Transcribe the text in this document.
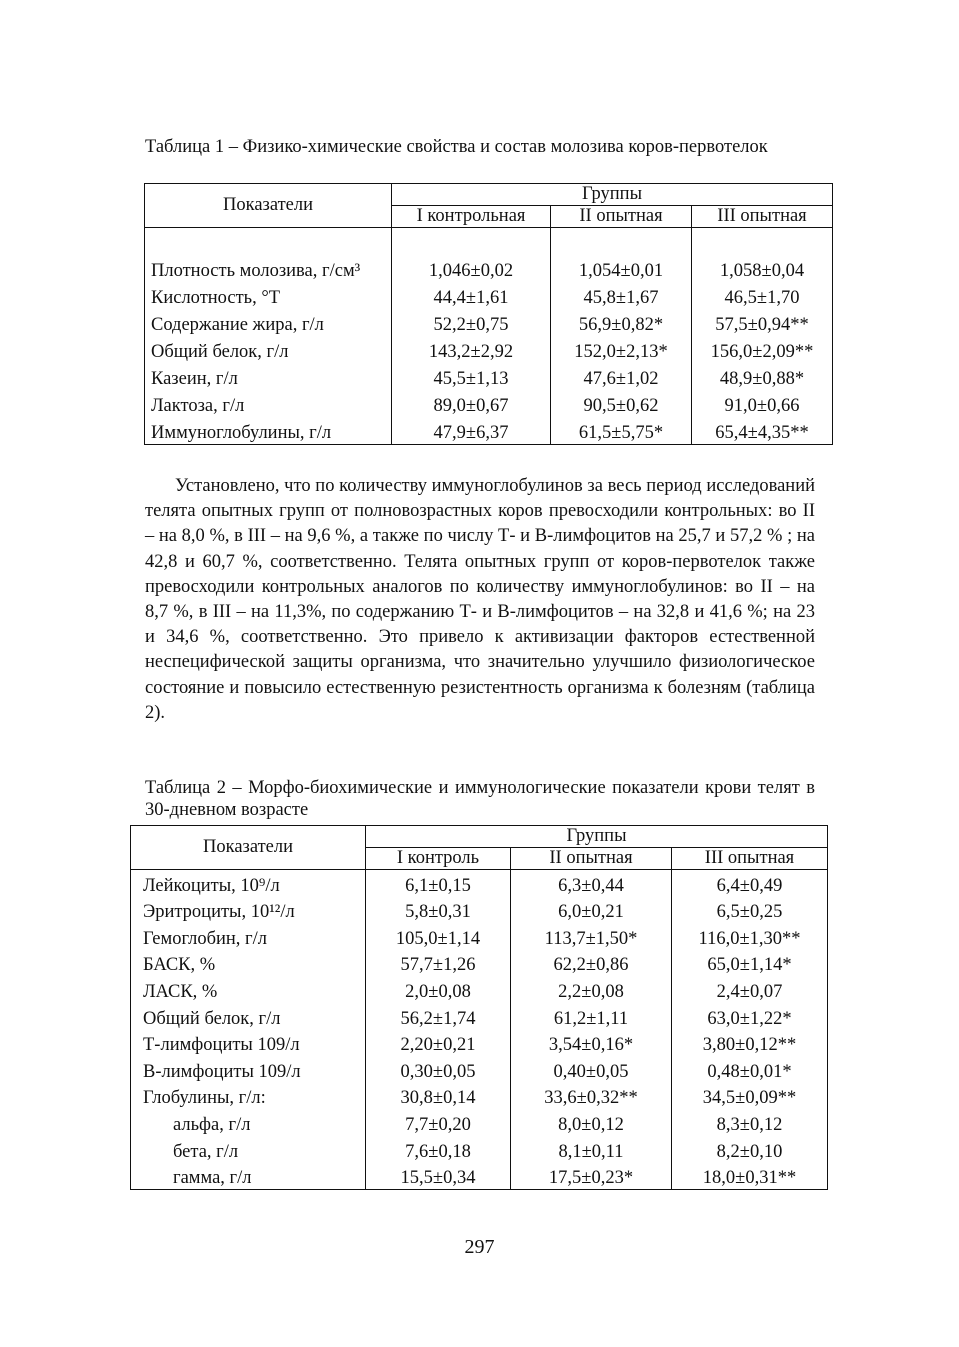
Таблица 1 – Физико-химические свойства и состав молозива коров-первотелок
Показатели	Группы		
	I контрольная	II опытная	III опытная
Плотность молозива, г/см³	1,046±0,02	1,054±0,01	1,058±0,04
Кислотность, °Т	44,4±1,61	45,8±1,67	46,5±1,70
Содержание жира, г/л	52,2±0,75	56,9±0,82*	57,5±0,94**
Общий белок, г/л	143,2±2,92	152,0±2,13*	156,0±2,09**
Казеин, г/л	45,5±1,13	47,6±1,02	48,9±0,88*
Лактоза, г/л	89,0±0,67	90,5±0,62	91,0±0,66
Иммуноглобулины, г/л	47,9±6,37	61,5±5,75*	65,4±4,35**
Установлено, что по количеству иммуноглобулинов за весь период исследований телята опытных групп от полновозрастных коров превосходили контрольных: во II – на 8,0 %, в III – на 9,6 %, а также по числу Т- и В-лимфоцитов на 25,7 и 57,2 % ; на 42,8 и 60,7 %, соответственно. Телята опытных групп от коров-первотелок также превосходили контрольных аналогов по количеству иммуноглобулинов: во II – на 8,7 %, в III – на 11,3%, по содержанию Т- и В-лимфоцитов – на 32,8 и 41,6 %; на 23 и 34,6 %, соответственно. Это привело к активизации факторов естественной неспецифической защиты организма, что значительно улучшило физиологическое состояние и повысило естественную резистентность организма к болезням (таблица 2).
Таблица 2 – Морфо-биохимические и иммунологические показатели крови телят в 30-дневном возрасте
Показатели	Группы		
	I контроль	II опытная	III опытная
Лейкоциты, 10⁹/л	6,1±0,15	6,3±0,44	6,4±0,49
Эритроциты, 10¹²/л	5,8±0,31	6,0±0,21	6,5±0,25
Гемоглобин, г/л	105,0±1,14	113,7±1,50*	116,0±1,30**
БАСК, %	57,7±1,26	62,2±0,86	65,0±1,14*
ЛАСК, %	2,0±0,08	2,2±0,08	2,4±0,07
Общий белок, г/л	56,2±1,74	61,2±1,11	63,0±1,22*
Т-лимфоциты 109/л	2,20±0,21	3,54±0,16*	3,80±0,12**
В-лимфоциты 109/л	0,30±0,05	0,40±0,05	0,48±0,01*
Глобулины, г/л:	30,8±0,14	33,6±0,32**	34,5±0,09**
альфа, г/л	7,7±0,20	8,0±0,12	8,3±0,12
бета, г/л	7,6±0,18	8,1±0,11	8,2±0,10
гамма, г/л	15,5±0,34	17,5±0,23*	18,0±0,31**
297
